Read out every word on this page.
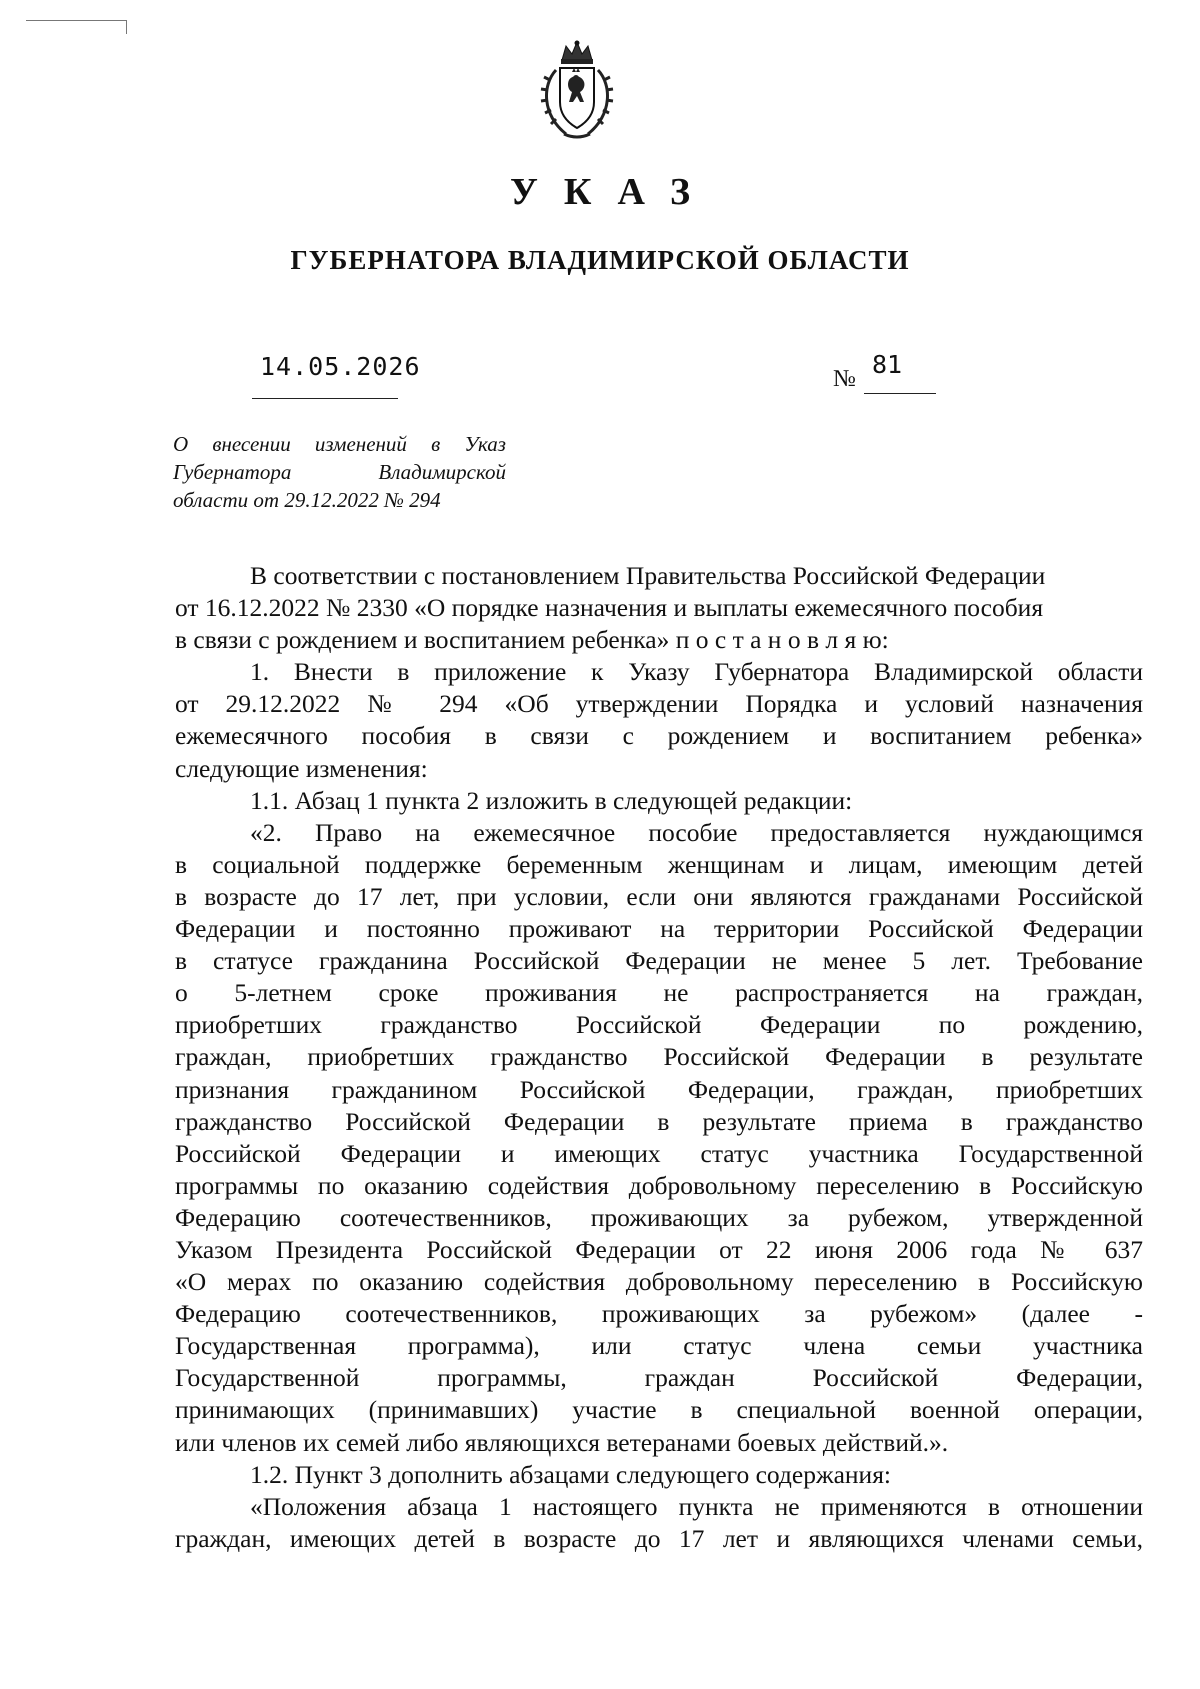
УКАЗ
ГУБЕРНАТОРА ВЛАДИМИРСКОЙ ОБЛАСТИ
14.05.2026	№ 81
О внесении изменений в Указ
Губернатора Владимирской
области от 29.12.2022 № 294
В соответствии с постановлением Правительства Российской Федерации
от 16.12.2022 № 2330 «О порядке назначения и выплаты ежемесячного пособия
в связи с рождением и воспитанием ребенка» п о с т а н о в л я ю:
1. Внести в приложение к Указу Губернатора Владимирской области
от 29.12.2022 № 294 «Об утверждении Порядка и условий назначения
ежемесячного пособия в связи с рождением и воспитанием ребенка»
следующие изменения:
1.1. Абзац 1 пункта 2 изложить в следующей редакции:
«2. Право на ежемесячное пособие предоставляется нуждающимся
в социальной поддержке беременным женщинам и лицам, имеющим детей
в возрасте до 17 лет, при условии, если они являются гражданами Российской
Федерации и постоянно проживают на территории Российской Федерации
в статусе гражданина Российской Федерации не менее 5 лет. Требование
о 5-летнем сроке проживания не распространяется на граждан,
приобретших гражданство Российской Федерации по рождению,
граждан, приобретших гражданство Российской Федерации в результате
признания гражданином Российской Федерации, граждан, приобретших
гражданство Российской Федерации в результате приема в гражданство
Российской Федерации и имеющих статус участника Государственной
программы по оказанию содействия добровольному переселению в Российскую
Федерацию соотечественников, проживающих за рубежом, утвержденной
Указом Президента Российской Федерации от 22 июня 2006 года № 637
«О мерах по оказанию содействия добровольному переселению в Российскую
Федерацию соотечественников, проживающих за рубежом» (далее -
Государственная программа), или статус члена семьи участника
Государственной программы, граждан Российской Федерации,
принимающих (принимавших) участие в специальной военной операции,
или членов их семей либо являющихся ветеранами боевых действий.».
1.2. Пункт 3 дополнить абзацами следующего содержания:
«Положения абзаца 1 настоящего пункта не применяются в отношении
граждан, имеющих детей в возрасте до 17 лет и являющихся членами семьи,
